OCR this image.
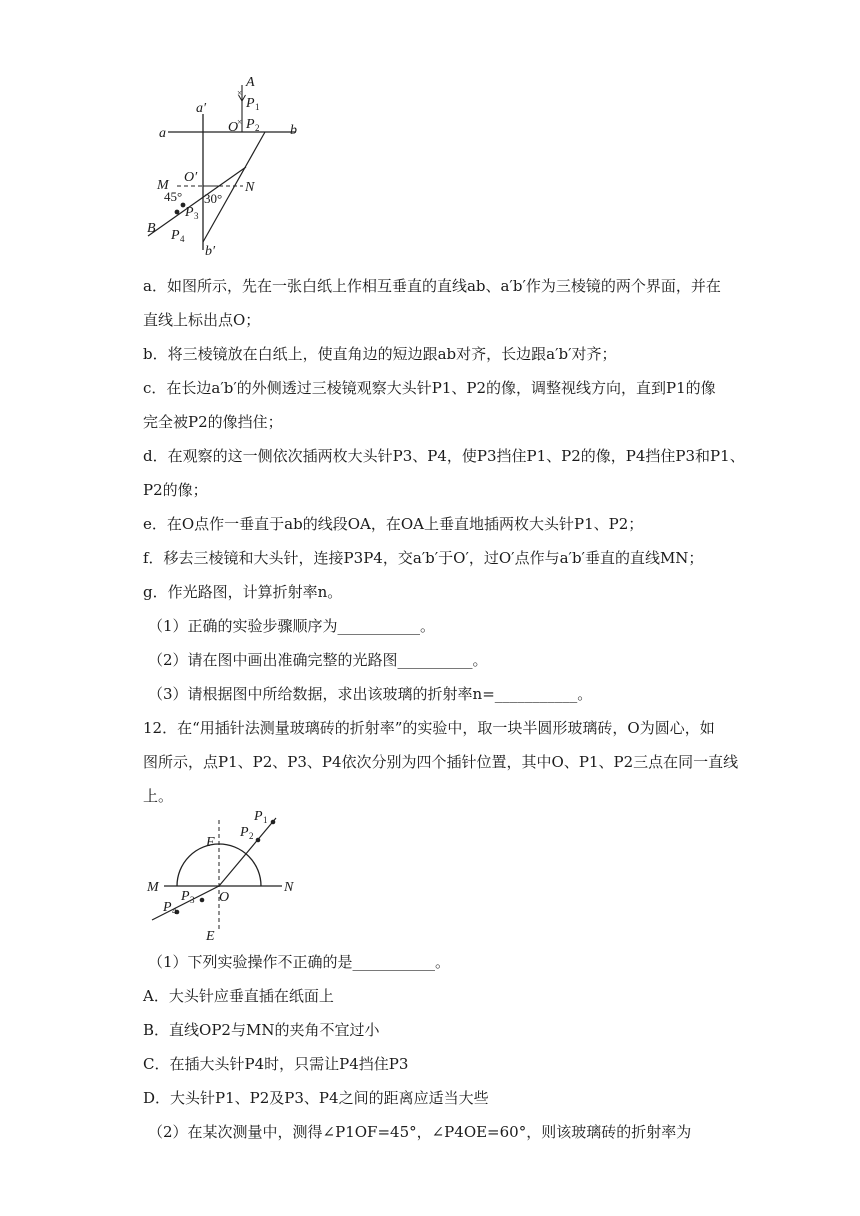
×
×
A
P 1
O P 2
a′
a	b
O′
M	N
45° 30°
P 3
B P 4
b′
a．如图所示，先在一张白纸上作相互垂直的直线ab、a′b′作为三棱镜的两个界面，并在
直线上标出点O；
b．将三棱镜放在白纸上，使直角边的短边跟ab对齐，长边跟a′b′对齐；
c．在长边a′b′的外侧透过三棱镜观察大头针P1、P2的像，调整视线方向，直到P1的像
完全被P2的像挡住；
d．在观察的这一侧依次插两枚大头针P3、P4，使P3挡住P1、P2的像，P4挡住P3和P1、
P2的像；
e．在O点作一垂直于ab的线段OA，在OA上垂直地插两枚大头针P1、P2；
f．移去三棱镜和大头针，连接P3P4，交a′b′于O′，过O′点作与a′b′垂直的直线MN；
g．作光路图，计算折射率n。
（1）正确的实验步骤顺序为___________。
（2）请在图中画出准确完整的光路图__________。
（3）请根据图中所给数据，求出该玻璃的折射率n=___________。
12．在“用插针法测量玻璃砖的折射率”的实验中，取一块半圆形玻璃砖，O为圆心，如
图所示，点P1、P2、P3、P4依次分别为四个插针位置，其中O、P1、P2三点在同一直线
上。
P 1
P 2
F
M	N
O
P 3
P 4
E
（1）下列实验操作不正确的是___________。
A．大头针应垂直插在纸面上
B．直线OP2与MN的夹角不宜过小
C．在插大头针P4时，只需让P4挡住P3
D．大头针P1、P2及P3、P4之间的距离应适当大些
（2）在某次测量中，测得∠P1OF=45°，∠P4OE=60°，则该玻璃砖的折射率为
